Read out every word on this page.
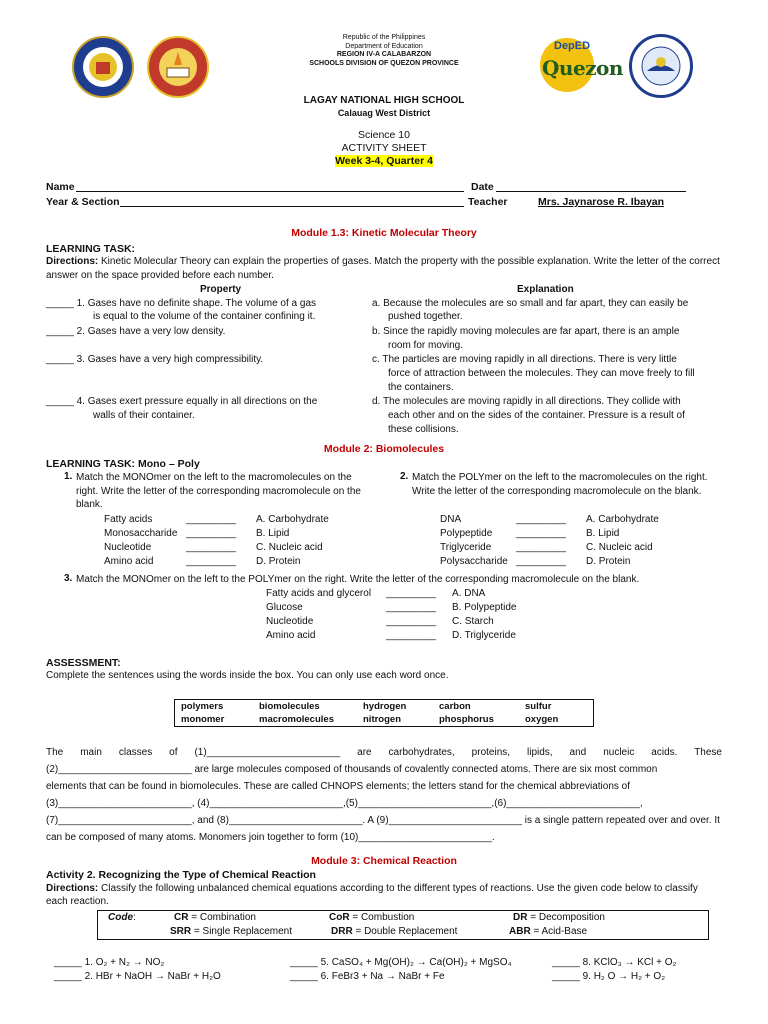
Republic of the Philippines
Department of Education
REGION IV-A CALABARZON
SCHOOLS DIVISION OF QUEZON PROVINCE
DepED
Quezon
LAGAY NATIONAL HIGH SCHOOL
Calauag West District
Science 10
ACTIVITY SHEET
Week 3-4, Quarter 4
Name	Date
Year & Section	Teacher	Mrs. Jaynarose R. Ibayan
Module 1.3: Kinetic Molecular Theory
LEARNING TASK:
Directions: Kinetic Molecular Theory can explain the properties of gases. Match the property with the possible explanation. Write the letter of the correct answer on the space provided before each number.
Property	Explanation
_____ 1. Gases have no definite shape. The volume of a gas
is equal to the volume of the container confining it.
_____ 2. Gases have a very low density.
_____ 3. Gases have a very high compressibility.
_____ 4. Gases exert pressure equally in all directions on the
walls of their container.
a. Because the molecules are so small and far apart, they can easily be
pushed together.
b. Since the rapidly moving molecules are far apart, there is an ample
room for moving.
c. The particles are moving rapidly in all directions. There is very little
force of attraction between the molecules. They can move freely to fill
the containers.
d. The molecules are moving rapidly in all directions. They collide with
each other and on the sides of the container. Pressure is a result of
these collisions.
Module 2: Biomolecules
LEARNING TASK: Mono – Poly
1. Match the MONOmer on the left to the macromolecules on the right. Write the letter of the corresponding macromolecule on the blank.
2. Match the POLYmer on the left to the macromolecules on the right. Write the letter of the corresponding macromolecule on the blank.
Fatty acids	_________	A. Carbohydrate
Monosaccharide _________	B. Lipid
Nucleotide	_________	C. Nucleic acid
Amino acid	_________	D. Protein
DNA	_________	A. Carbohydrate
Polypeptide	_________	B. Lipid
Triglyceride	_________	C. Nucleic acid
Polysaccharide _________	D. Protein
3. Match the MONOmer on the left to the POLYmer on the right. Write the letter of the corresponding macromolecule on the blank.
Fatty acids and glycerol	_________	A. DNA
Glucose	_________	B. Polypeptide
Nucleotide	_________	C. Starch
Amino acid	_________	D. Triglyceride
ASSESSMENT:
Complete the sentences using the words inside the box. You can only use each word once.
polymers	biomolecules	hydrogen	carbon	sulfur
monomer	macromolecules	nitrogen	phosphorus	oxygen
The main classes of (1)________________________ are carbohydrates, proteins, lipids, and nucleic acids. These
(2)________________________ are large molecules composed of thousands of covalently connected atoms. There are six most common
elements that can be found in biomolecules. These are called CHNOPS elements; the letters stand for the chemical abbreviations of
(3)________________________, (4)________________________,(5)________________________,(6)________________________,
(7)________________________, and (8)________________________. A (9)________________________ is a single pattern repeated over and over. It
can be composed of many atoms. Monomers join together to form (10)________________________.
Module 3: Chemical Reaction
Activity 2. Recognizing the Type of Chemical Reaction
Directions: Classify the following unbalanced chemical equations according to the different types of reactions. Use the given code below to classify each reaction.
Code:	CR = Combination	CoR = Combustion	DR = Decomposition
SRR = Single Replacement	DRR = Double Replacement	ABR = Acid-Base
_____ 1. O₂ + N₂ → NO₂
_____ 2. HBr + NaOH → NaBr + H₂O
_____ 5. CaSO₄ + Mg(OH)₂ → Ca(OH)₂ + MgSO₄
_____ 6. FeBr3 + Na → NaBr + Fe
_____ 8. KClO₃ → KCl + O₂
_____ 9. H₂ O → H₂ + O₂
